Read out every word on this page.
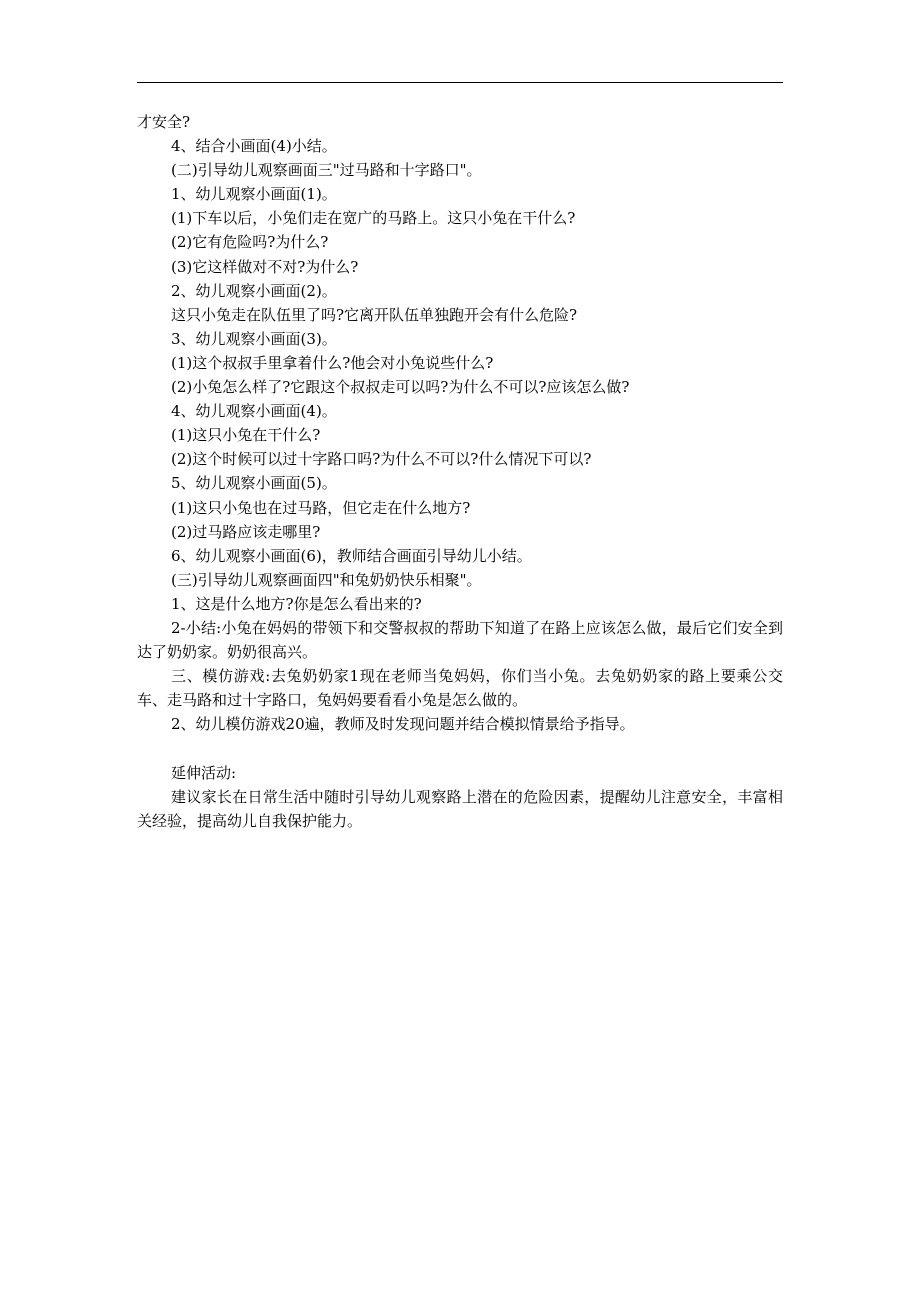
才安全?
4、结合小画面(4)小结。
(二)引导幼儿观察画面三"过马路和十字路口"。
1、幼儿观察小画面(1)。
(1)下车以后，小兔们走在宽广的马路上。这只小兔在干什么?
(2)它有危险吗?为什么?
(3)它这样做对不对?为什么?
2、幼儿观察小画面(2)。
这只小兔走在队伍里了吗?它离开队伍单独跑开会有什么危险?
3、幼儿观察小画面(3)。
(1)这个叔叔手里拿着什么?他会对小兔说些什么?
(2)小兔怎么样了?它跟这个叔叔走可以吗?为什么不可以?应该怎么做?
4、幼儿观察小画面(4)。
(1)这只小兔在干什么?
(2)这个时候可以过十字路口吗?为什么不可以?什么情况下可以?
5、幼儿观察小画面(5)。
(1)这只小兔也在过马路，但它走在什么地方?
(2)过马路应该走哪里?
6、幼儿观察小画面(6)，教师结合画面引导幼儿小结。
(三)引导幼儿观察画面四"和兔奶奶快乐相聚"。
1、这是什么地方?你是怎么看出来的?
2-小结:小兔在妈妈的带领下和交警叔叔的帮助下知道了在路上应该怎么做，最后它们安全到达了奶奶家。奶奶很高兴。
三、模仿游戏:去兔奶奶家1现在老师当兔妈妈，你们当小兔。去兔奶奶家的路上要乘公交车、走马路和过十字路口，兔妈妈要看看小兔是怎么做的。
2、幼儿模仿游戏20遍，教师及时发现问题并结合模拟情景给予指导。
延伸活动:
建议家长在日常生活中随时引导幼儿观察路上潜在的危险因素，提醒幼儿注意安全，丰富相关经验，提高幼儿自我保护能力。
